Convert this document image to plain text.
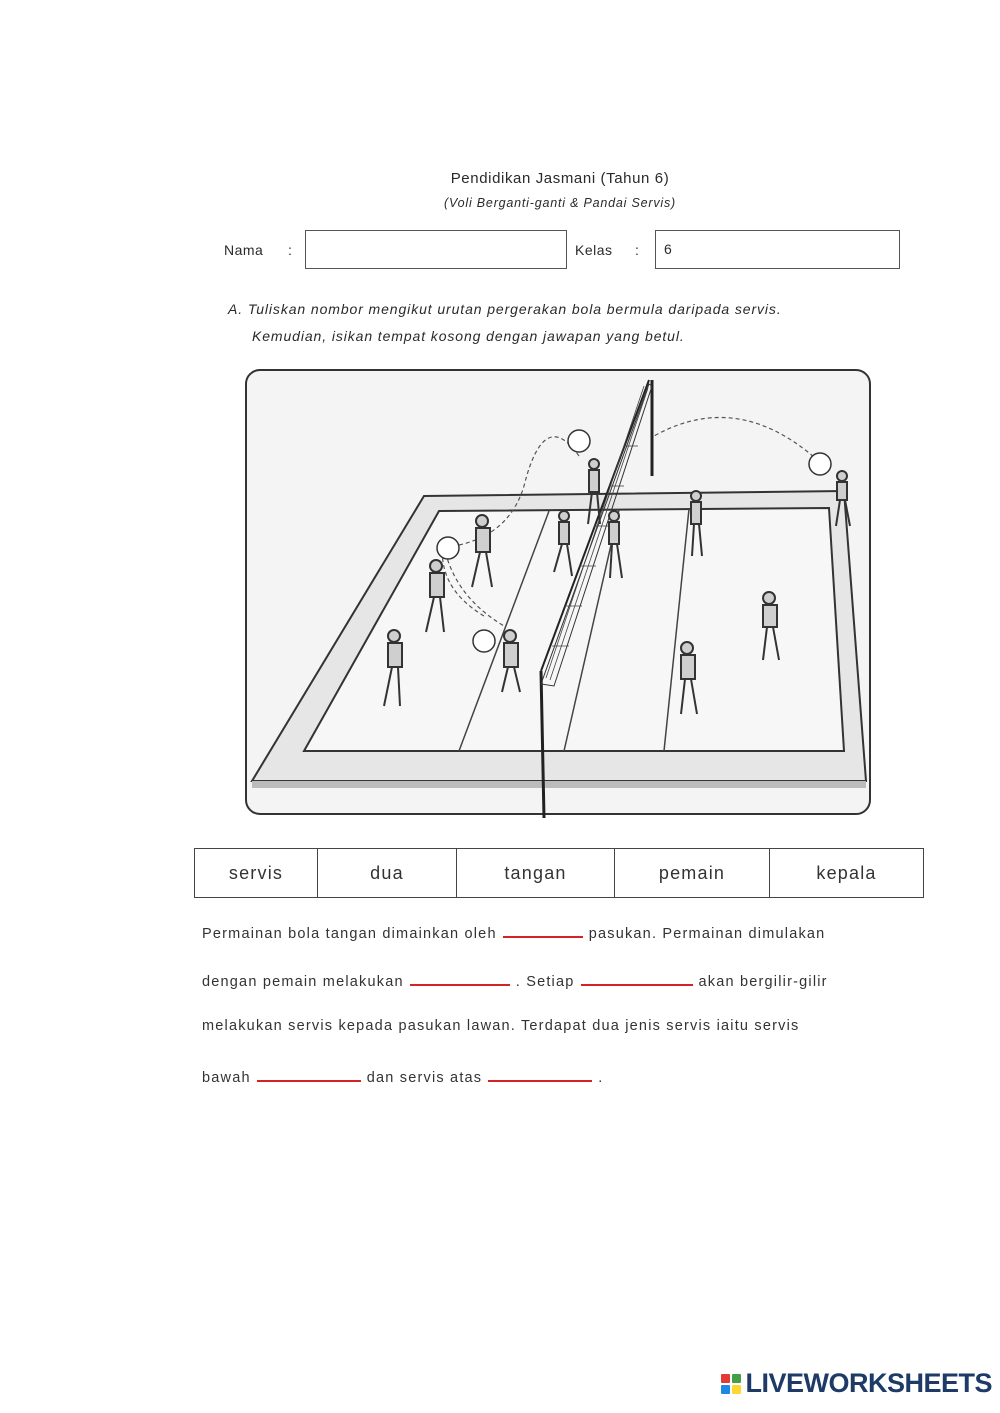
Pendidikan Jasmani (Tahun 6)
(Voli Berganti-ganti & Pandai Servis)
Nama :	Kelas :	6
A. Tuliskan nombor mengikut urutan pergerakan bola bermula daripada servis.
Kemudian, isikan tempat kosong dengan jawapan yang betul.
servis	dua	tangan	pemain	kepala
Permainan bola tangan dimainkan oleh	pasukan. Permainan dimulakan
dengan pemain melakukan	. Setiap	akan bergilir-gilir
melakukan servis kepada pasukan lawan. Terdapat dua jenis servis iaitu servis
bawah	dan servis atas	.
LIVEWORKSHEETS
